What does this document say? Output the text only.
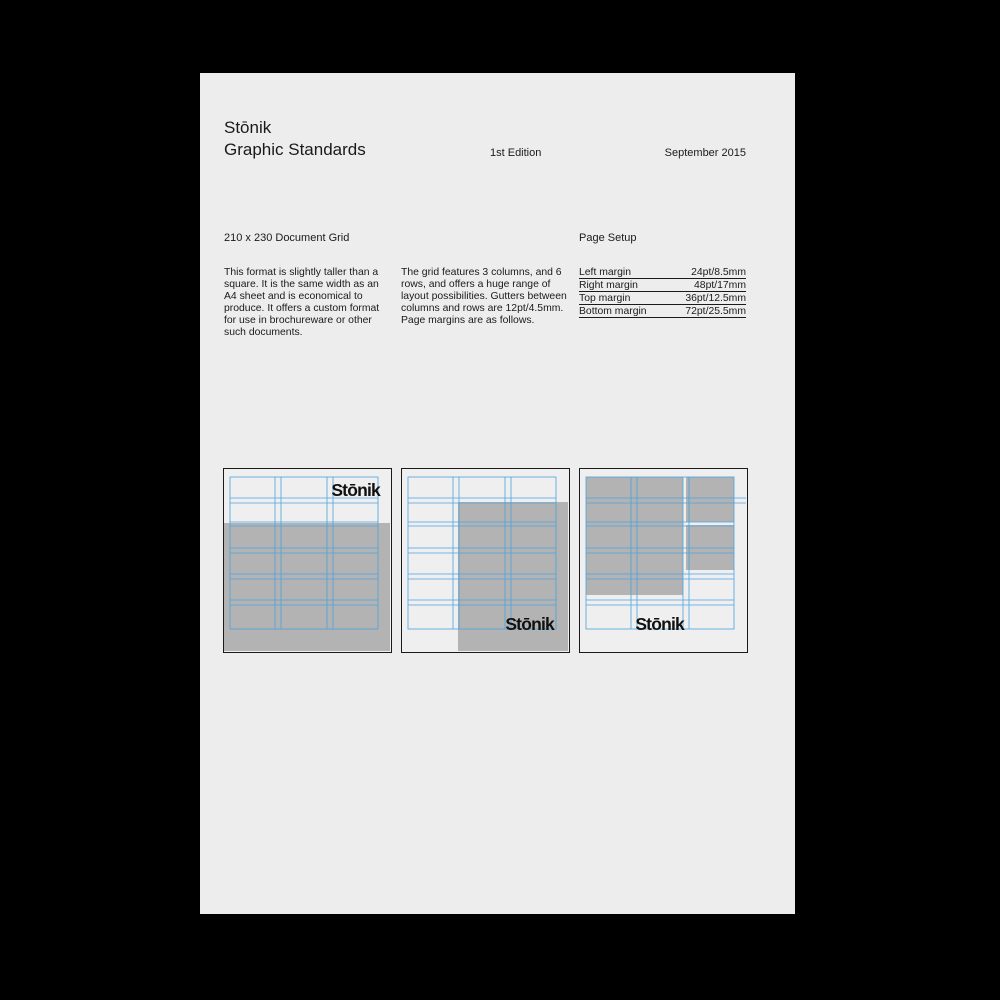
Stōnik
Graphic Standards	1st Edition	September 2015
210 x 230 Document Grid	Page Setup
This format is slightly taller than a square. It is the same width as an A4 sheet and is economical to produce. It offers a custom format for use in brochureware or other such documents.
The grid features 3 columns, and 6 rows, and offers a huge range of layout possibilities. Gutters between columns and rows are 12pt/4.5mm. Page margins are as follows.
Left margin	24pt/8.5mm
Right margin	48pt/17mm
Top margin	36pt/12.5mm
Bottom margin	72pt/25.5mm
Stōnik
Stōnik	Stōnik
